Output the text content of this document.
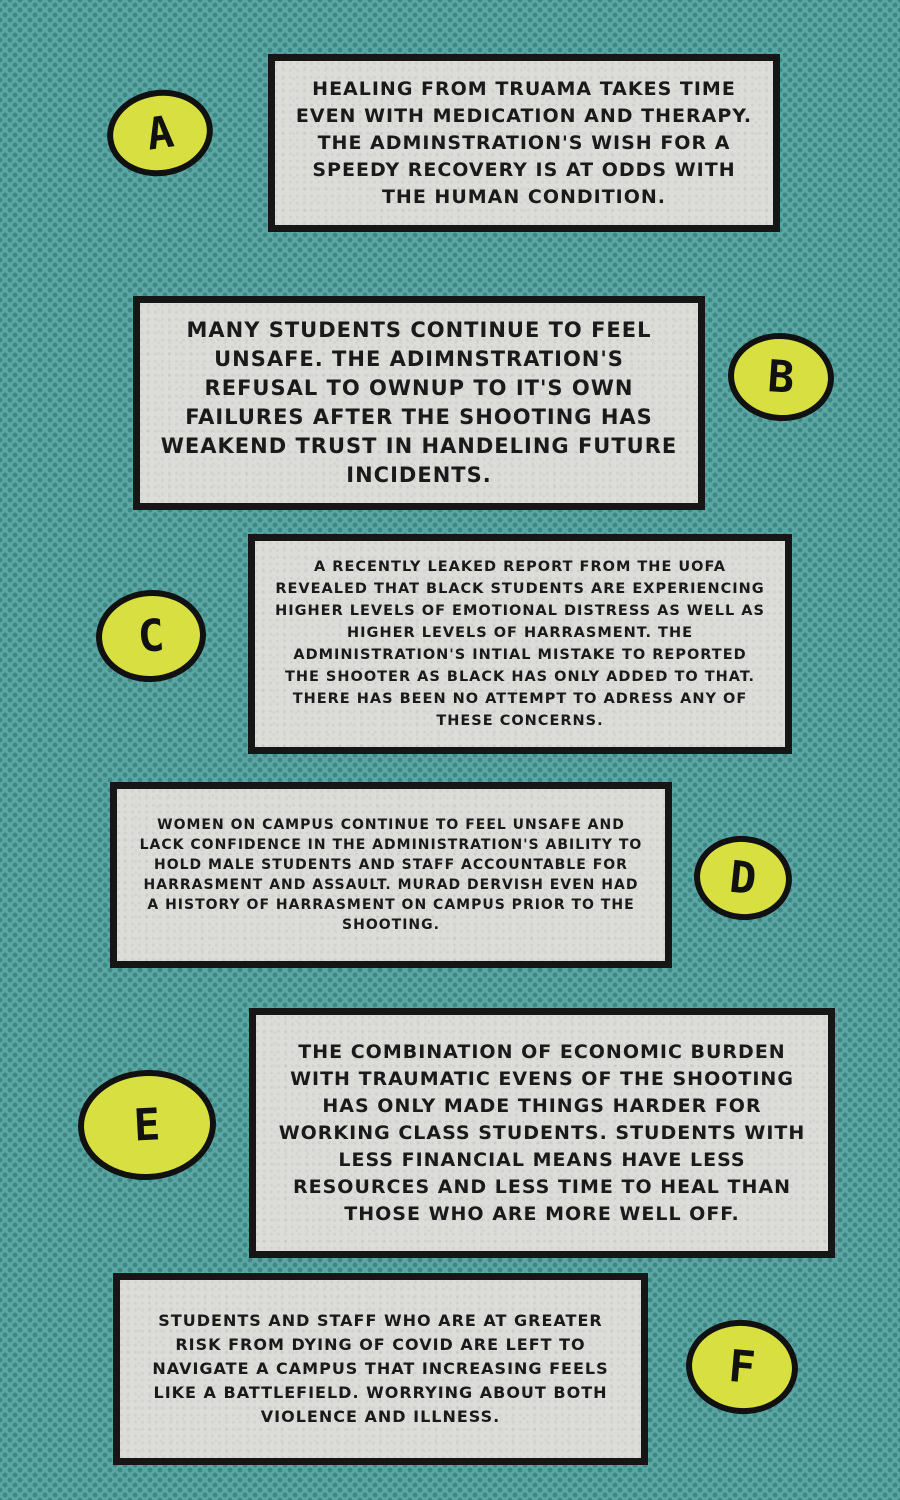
A

HEALING FROM TRUAMA TAKES TIME EVEN WITH MEDICATION AND THERAPY. THE ADMINSTRATION'S WISH FOR A SPEEDY RECOVERY IS AT ODDS WITH THE HUMAN CONDITION.

MANY STUDENTS CONTINUE TO FEEL UNSAFE. THE ADIMNSTRATION'S REFUSAL TO OWNUP TO IT'S OWN FAILURES AFTER THE SHOOTING HAS WEAKEND TRUST IN HANDELING FUTURE INCIDENTS.

B
C

A RECENTLY LEAKED REPORT FROM THE UOFA REVEALED THAT BLACK STUDENTS ARE EXPERIENCING HIGHER LEVELS OF EMOTIONAL DISTRESS AS WELL AS HIGHER LEVELS OF HARRASMENT. THE ADMINISTRATION'S INTIAL MISTAKE TO REPORTED THE SHOOTER AS BLACK HAS ONLY ADDED TO THAT. THERE HAS BEEN NO ATTEMPT TO ADRESS ANY OF THESE CONCERNS.

WOMEN ON CAMPUS CONTINUE TO FEEL UNSAFE AND LACK CONFIDENCE IN THE ADMINISTRATION'S ABILITY TO HOLD MALE STUDENTS AND STAFF ACCOUNTABLE FOR HARRASMENT AND ASSAULT. MURAD DERVISH EVEN HAD A HISTORY OF HARRASMENT ON CAMPUS PRIOR TO THE SHOOTING.

D
E

THE COMBINATION OF ECONOMIC BURDEN WITH TRAUMATIC EVENS OF THE SHOOTING HAS ONLY MADE THINGS HARDER FOR WORKING CLASS STUDENTS. STUDENTS WITH LESS FINANCIAL MEANS HAVE LESS RESOURCES AND LESS TIME TO HEAL THAN THOSE WHO ARE MORE WELL OFF.

STUDENTS AND STAFF WHO ARE AT GREATER RISK FROM DYING OF COVID ARE LEFT TO NAVIGATE A CAMPUS THAT INCREASING FEELS LIKE A BATTLEFIELD. WORRYING ABOUT BOTH VIOLENCE AND ILLNESS.

F
